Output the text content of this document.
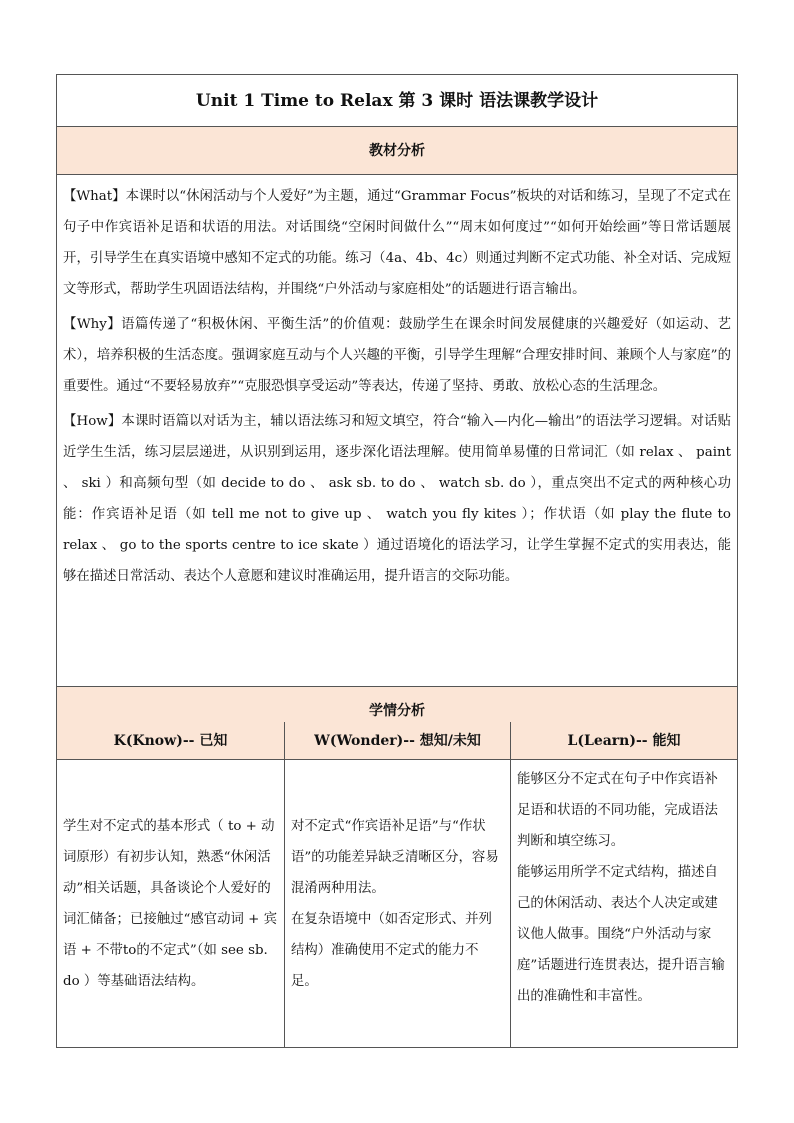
Unit 1 Time to Relax 第 3 课时 语法课教学设计
教材分析

【What】本课时以“休闲活动与个人爱好”为主题，通过“Grammar Focus”板块的对话和练习，呈现了不定式在句子中作宾语补足语和状语的用法。对话围绕“空闲时间做什么”“周末如何度过”“如何开始绘画”等日常话题展开，引导学生在真实语境中感知不定式的功能。练习（4a、4b、4c）则通过判断不定式功能、补全对话、完成短文等形式，帮助学生巩固语法结构，并围绕“户外活动与家庭相处”的话题进行语言输出。

【Why】语篇传递了“积极休闲、平衡生活”的价值观：鼓励学生在课余时间发展健康的兴趣爱好（如运动、艺术），培养积极的生活态度。强调家庭互动与个人兴趣的平衡，引导学生理解“合理安排时间、兼顾个人与家庭”的重要性。通过“不要轻易放弃”“克服恐惧享受运动”等表达，传递了坚持、勇敢、放松心态的生活理念。

【How】本课时语篇以对话为主，辅以语法练习和短文填空，符合“输入—内化—输出”的语法学习逻辑。对话贴近学生生活，练习层层递进，从识别到运用，逐步深化语法理解。使用简单易懂的日常词汇（如 relax 、 paint 、 ski ）和高频句型（如 decide to do 、 ask sb. to do 、 watch sb. do ），重点突出不定式的两种核心功能：作宾语补足语（如 tell me not to give up 、 watch you fly kites ）；作状语（如 play the flute to relax 、 go to the sports centre to ice skate ）通过语境化的语法学习，让学生掌握不定式的实用表达，能够在描述日常活动、表达个人意愿和建议时准确运用，提升语言的交际功能。

学情分析
K(Know)-- 已知	W(Wonder)-- 想知/未知	L(Learn)-- 能知

学生对不定式的基本形式（ to + 动词原形）有初步认知，熟悉“休闲活动”相关话题，具备谈论个人爱好的词汇储备；已接触过“感官动词 + 宾语 + 不带to的不定式”（如 see sb. do ）等基础语法结构。

对不定式“作宾语补足语”与“作状语”的功能差异缺乏清晰区分，容易混淆两种用法。

在复杂语境中（如否定形式、并列结构）准确使用不定式的能力不足。

能够区分不定式在句子中作宾语补足语和状语的不同功能，完成语法判断和填空练习。

能够运用所学不定式结构，描述自己的休闲活动、表达个人决定或建议他人做事。围绕“户外活动与家庭”话题进行连贯表达，提升语言输出的准确性和丰富性。
